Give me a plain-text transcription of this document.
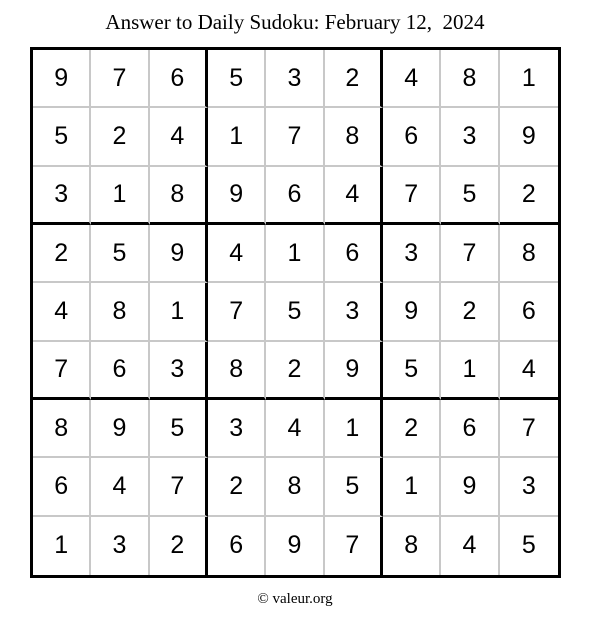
Answer to Daily Sudoku: February 12,  2024
9	7	6	5	3	2	4	8	1
5	2	4	1	7	8	6	3	9
3	1	8	9	6	4	7	5	2
2	5	9	4	1	6	3	7	8
4	8	1	7	5	3	9	2	6
7	6	3	8	2	9	5	1	4
8	9	5	3	4	1	2	6	7
6	4	7	2	8	5	1	9	3
1	3	2	6	9	7	8	4	5
© valeur.org
